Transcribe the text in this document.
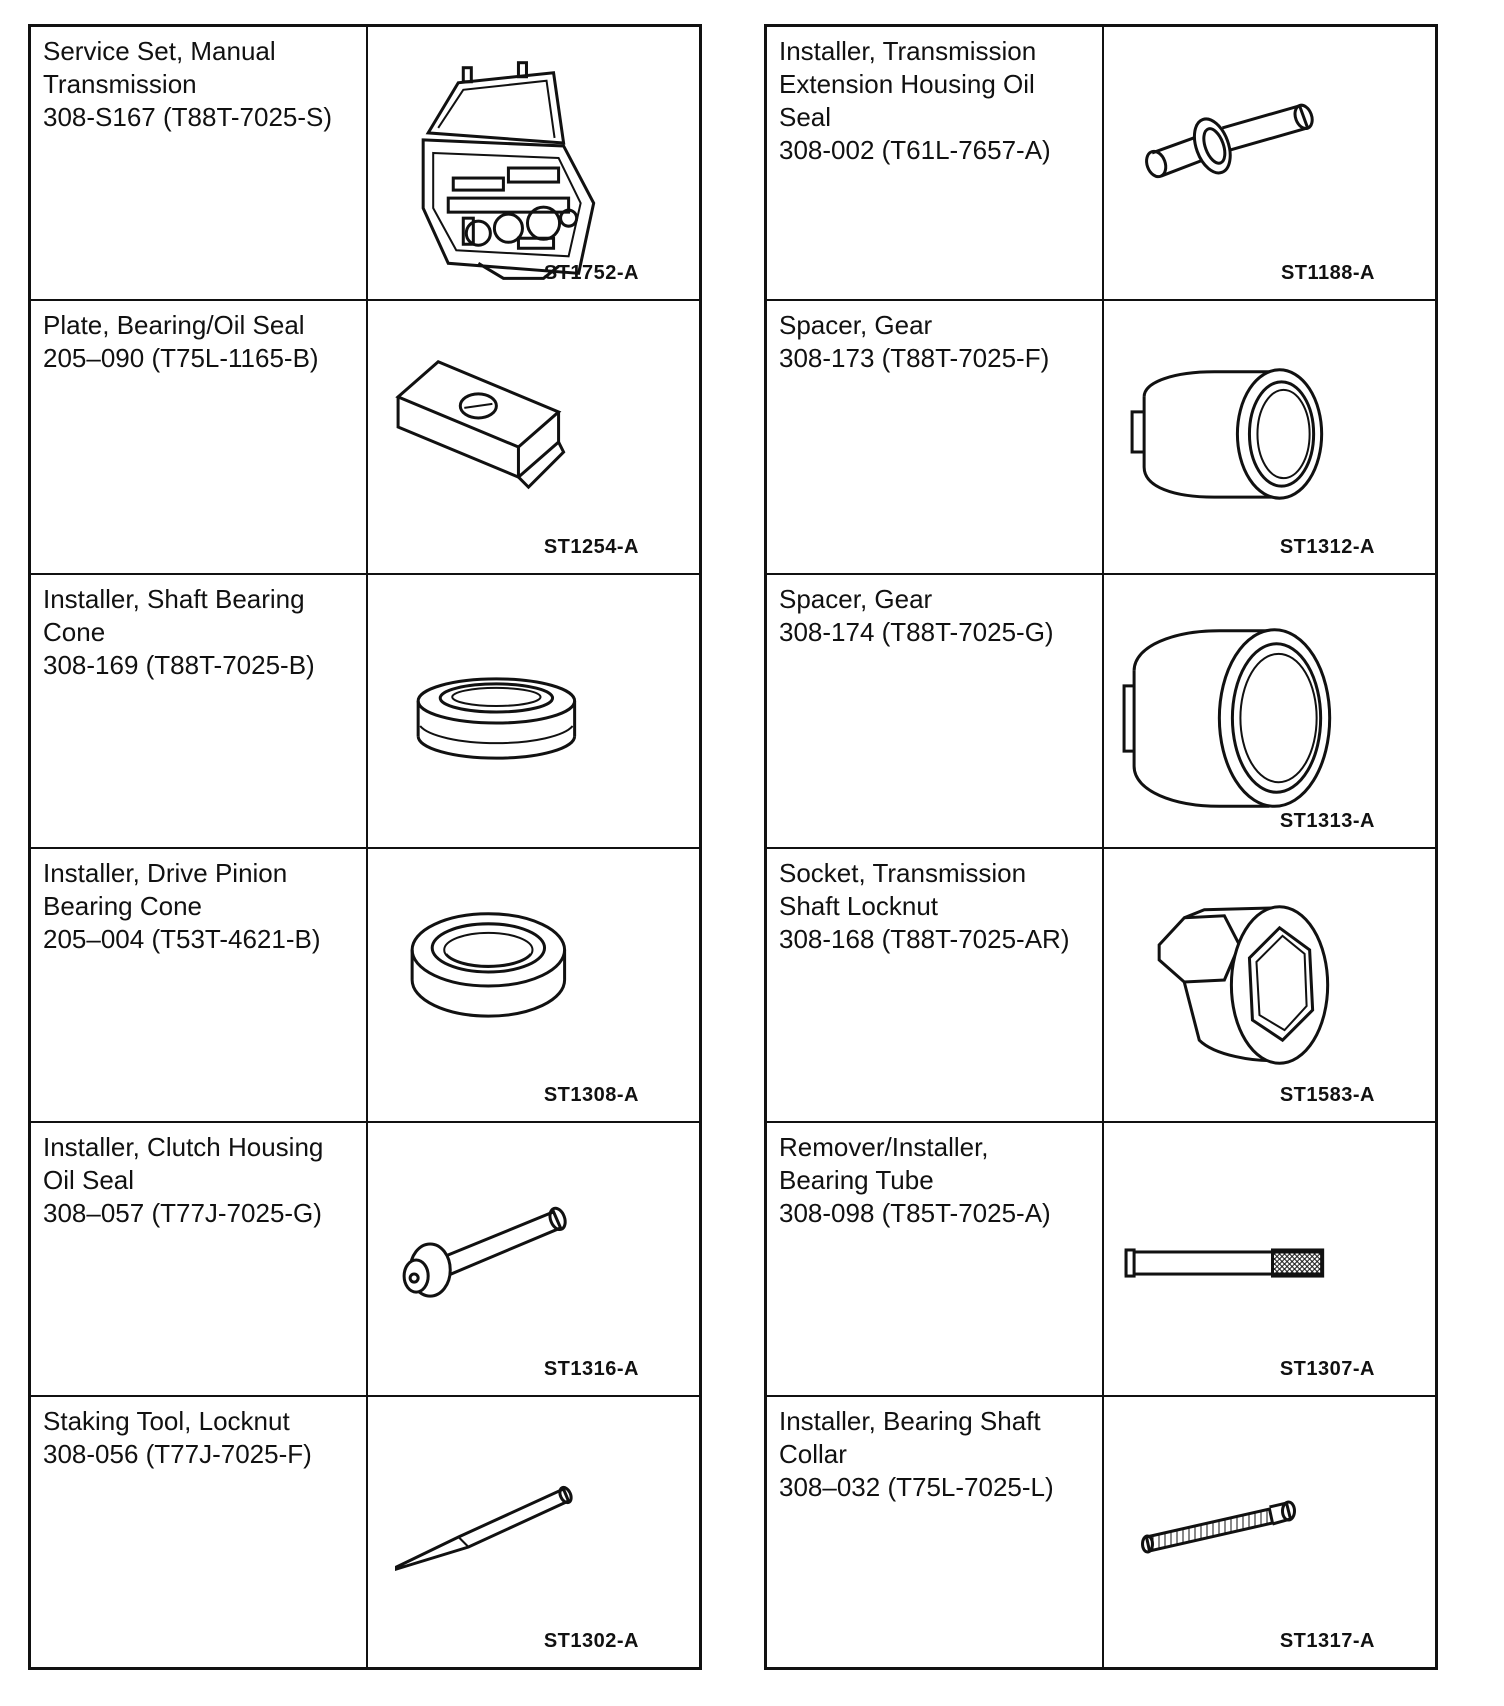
Service Set, Manual
Transmission
308-S167 (T88T-7025-S)
ST1752-A
Plate, Bearing/Oil Seal
205–090 (T75L-1165-B)
ST1254-A
Installer, Shaft Bearing
Cone
308-169 (T88T-7025-B)
Installer, Drive Pinion
Bearing Cone
205–004 (T53T-4621-B)
ST1308-A
Installer, Clutch Housing
Oil Seal
308–057 (T77J-7025-G)
ST1316-A
Staking Tool, Locknut
308-056 (T77J-7025-F)
ST1302-A
Installer, Transmission
Extension Housing Oil
Seal
308-002 (T61L-7657-A)
ST1188-A
Spacer, Gear
308-173 (T88T-7025-F)
ST1312-A
Spacer, Gear
308-174 (T88T-7025-G)
ST1313-A
Socket, Transmission
Shaft Locknut
308-168 (T88T-7025-AR)
ST1583-A
Remover/Installer,
Bearing Tube
308-098 (T85T-7025-A)
ST1307-A
Installer, Bearing Shaft
Collar
308–032 (T75L-7025-L)
ST1317-A
